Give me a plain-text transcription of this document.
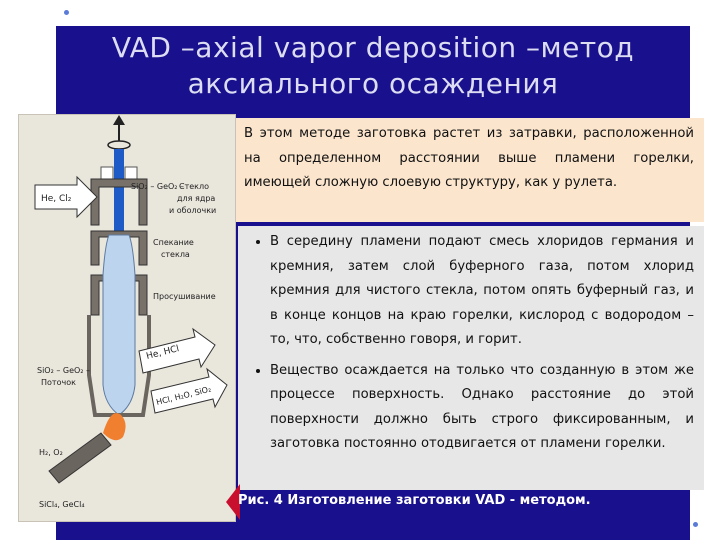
VAD –axial vapor deposition –метод аксиального осаждения
He, Cl₂
He, HCl
HCl, H₂O, SiO₂
SiO₂ – GeO₂ –
Стекло
для ядра
и оболочки
Спекание
стекла
Просушивание
SiO₂ – GeO₂ –
Поточок
H₂, O₂
SiCl₄, GeCl₄
В этом методе заготовка растет из затравки, расположенной на определенном расстоянии выше пламени горелки, имеющей сложную слоевую структуру, как у рулета.
• В середину пламени подают смесь хлоридов германия и кремния, затем слой буферного газа, потом хлорид кремния для чистого стекла, потом опять буферный газ, и в конце концов на краю горелки, кислород с водородом – то, что, собственно говоря, и горит.
• Вещество осаждается на только что созданную в этом же процессе поверхность. Однако расстояние до этой поверхности должно быть строго фиксированным, и заготовка постоянно отодвигается от пламени горелки.
Рис. 4 Изготовление заготовки VAD - методом.
